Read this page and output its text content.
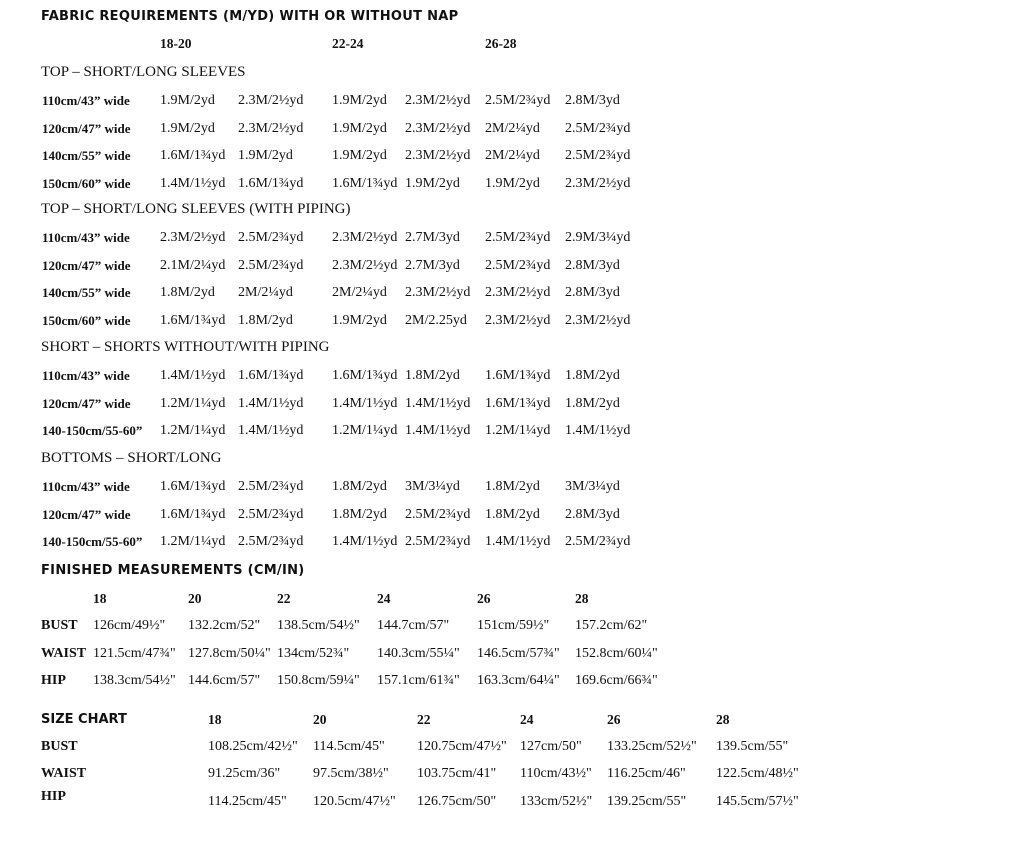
FABRIC REQUIREMENTS (M/YD) WITH OR WITHOUT NAP
18-20	22-24	26-28
TOP – SHORT/LONG SLEEVES
110cm/43” wide 1.9M/2yd 2.3M/2½yd 1.9M/2yd 2.3M/2½yd 2.5M/2¾yd 2.8M/3yd
120cm/47” wide 1.9M/2yd 2.3M/2½yd 1.9M/2yd 2.3M/2½yd 2M/2¼yd 2.5M/2¾yd
140cm/55” wide 1.6M/1¾yd 1.9M/2yd	1.9M/2yd 2.3M/2½yd 2M/2¼yd 2.5M/2¾yd
150cm/60” wide 1.4M/1½yd 1.6M/1¾yd 1.6M/1¾yd 1.9M/2yd 1.9M/2yd 2.3M/2½yd
TOP – SHORT/LONG SLEEVES (WITH PIPING)
110cm/43” wide 2.3M/2½yd 2.5M/2¾yd 2.3M/2½yd 2.7M/3yd 2.5M/2¾yd 2.9M/3¼yd
120cm/47” wide 2.1M/2¼yd 2.5M/2¾yd 2.3M/2½yd 2.7M/3yd 2.5M/2¾yd 2.8M/3yd
140cm/55” wide 1.8M/2yd 2M/2¼yd	2M/2¼yd 2.3M/2½yd 2.3M/2½yd 2.8M/3yd
150cm/60” wide 1.6M/1¾yd 1.8M/2yd	1.9M/2yd 2M/2.25yd 2.3M/2½yd 2.3M/2½yd
SHORT – SHORTS WITHOUT/WITH PIPING
110cm/43” wide 1.4M/1½yd 1.6M/1¾yd 1.6M/1¾yd 1.8M/2yd 1.6M/1¾yd 1.8M/2yd
120cm/47” wide 1.2M/1¼yd 1.4M/1½yd 1.4M/1½yd 1.4M/1½yd 1.6M/1¾yd 1.8M/2yd
140-150cm/55-60” 1.2M/1¼yd 1.4M/1½yd 1.2M/1¼yd 1.4M/1½yd 1.2M/1¼yd 1.4M/1½yd
BOTTOMS – SHORT/LONG
110cm/43” wide 1.6M/1¾yd 2.5M/2¾yd 1.8M/2yd 3M/3¼yd 1.8M/2yd 3M/3¼yd
120cm/47” wide 1.6M/1¾yd 2.5M/2¾yd 1.8M/2yd 2.5M/2¾yd 1.8M/2yd 2.8M/3yd
140-150cm/55-60” 1.2M/1¼yd 2.5M/2¾yd 1.4M/1½yd 2.5M/2¾yd 1.4M/1½yd 2.5M/2¾yd
FINISHED MEASUREMENTS (CM/IN)
18	20	22	24	26	28
BUST 126cm/49½" 132.2cm/52" 138.5cm/54½" 144.7cm/57" 151cm/59½" 157.2cm/62"
WAIST 121.5cm/47¾" 127.8cm/50¼" 134cm/52¾" 140.3cm/55¼" 146.5cm/57¾" 152.8cm/60¼"
HIP 138.3cm/54½" 144.6cm/57" 150.8cm/59¼" 157.1cm/61¾" 163.3cm/64¼" 169.6cm/66¾"
SIZE CHART	18	20	22	24	26	28
BUST	108.25cm/42½" 114.5cm/45" 120.75cm/47½" 127cm/50" 133.25cm/52½" 139.5cm/55"
WAIST	91.25cm/36" 97.5cm/38½" 103.75cm/41" 110cm/43½" 116.25cm/46" 122.5cm/48½"
HIP	114.25cm/45" 120.5cm/47½" 126.75cm/50" 133cm/52½" 139.25cm/55" 145.5cm/57½"
